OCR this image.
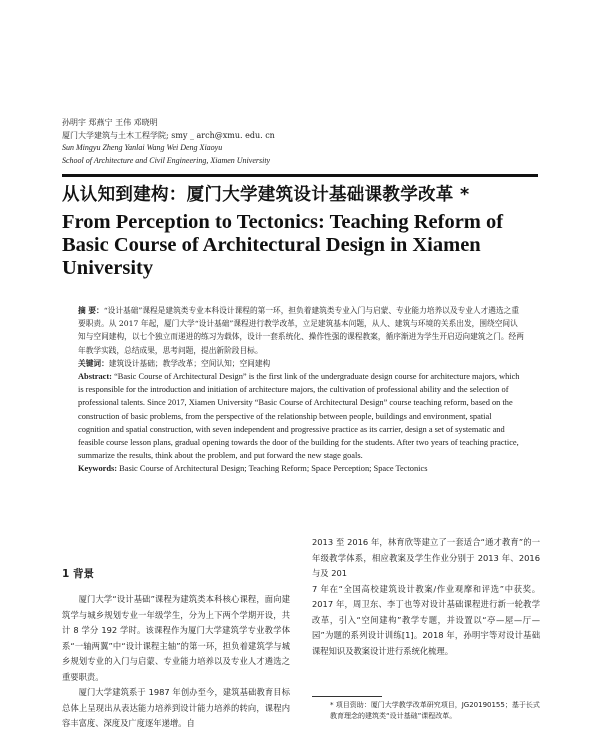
孙明宇 郑燕宁 王伟 邓晓明
厦门大学建筑与土木工程学院; smy _ arch@xmu. edu. cn
Sun Mingyu Zheng Yanlai Wang Wei Deng Xiaoyu
School of Architecture and Civil Engineering, Xiamen University
从认知到建构：厦门大学建筑设计基础课教学改革 *
From Perception to Tectonics: Teaching Reform of Basic Course of Architectural Design in Xiamen University
摘 要：“设计基础”课程是建筑类专业本科设计课程的第一环，担负着建筑类专业入门与启蒙、专业能力培养以及专业人才遴选之重要职责。从 2017 年起，厦门大学“设计基础”课程进行教学改革，立足建筑基本问题，从人、建筑与环境的关系出发，围绕空间认知与空间建构，以七个独立而递进的练习为载体，设计一套系统化、操作性强的课程教案，循序渐进为学生开启迈向建筑之门。经两年教学实践，总结成果，思考问题，提出新阶段目标。
关键词：建筑设计基础；教学改革；空间认知；空间建构
Abstract: “Basic Course of Architectural Design” is the first link of the undergraduate design course for architecture majors, which is responsible for the introduction and initiation of architecture majors, the cultivation of professional ability and the selection of professional talents. Since 2017, Xiamen University “Basic Course of Architectural Design” course teaching reform, based on the construction of basic problems, from the perspective of the relationship between people, buildings and environment, spatial cognition and spatial construction, with seven independent and progressive practice as its carrier, design a set of systematic and feasible course lesson plans, gradual opening towards the door of the building for the students. After two years of teaching practice, summarize the results, think about the problem, and put forward the new stage goals.
Keywords: Basic Course of Architectural Design; Teaching Reform; Space Perception; Space Tectonics
1 背景

厦门大学“设计基础”课程为建筑类本科核心课程，面向建筑学与城乡规划专业一年级学生，分为上下两个学期开设，共计 8 学分 192 学时。该课程作为厦门大学建筑学专业教学体系“一轴两翼”中“设计课程主轴”的第一环，担负着建筑学与城乡规划专业的入门与启蒙、专业能力培养以及专业人才遴选之重要职责。

厦门大学建筑系于 1987 年创办至今，建筑基础教育目标总体上呈现出从表达能力培养到设计能力培养的转向，课程内容丰富度、深度及广度逐年递增。自

2013 至 2016 年，林育欣等建立了一套适合“通才教育”的一年级教学体系，相应教案及学生作业分别于 2013 年、2016 与及 201

7 年在“全国高校建筑设计教案/作业观摩和评选”中获奖。2017 年，周卫东、李丁也等对设计基础课程进行新一轮教学改革，引入“空间建构”教学专题，并设置以“亭—屋—厅—园”为题的系列设计训练[1]。2018 年，孙明宇等对设计基础课程知识及教案设计进行系统化梳理。

* 项目资助：厦门大学教学改革研究项目，JG20190155；基于长式教育理念的建筑类“设计基础”课程改革。
